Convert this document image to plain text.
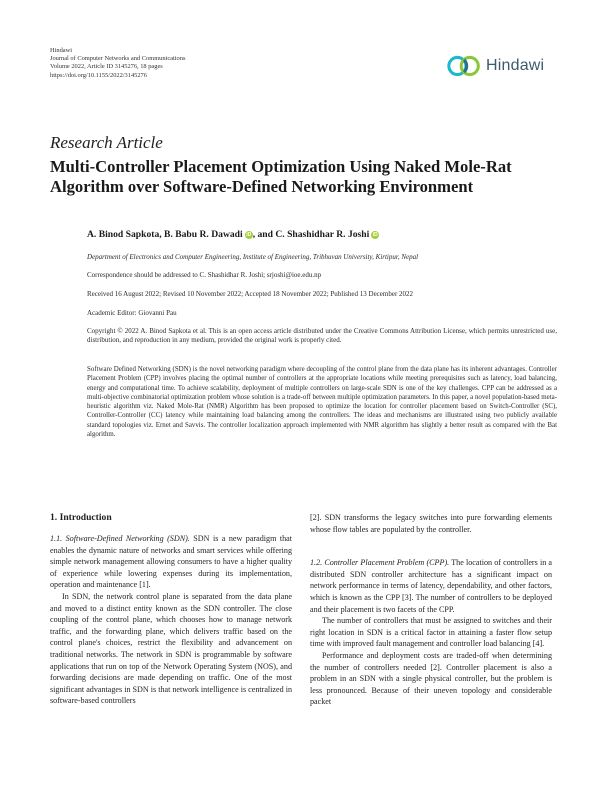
Hindawi
Journal of Computer Networks and Communications
Volume 2022, Article ID 3145276, 18 pages
https://doi.org/10.1155/2022/3145276
Hindawi
Research Article
Multi-Controller Placement Optimization Using Naked Mole-Rat Algorithm over Software-Defined Networking Environment
A. Binod Sapkota, B. Babu R. Dawadi iD , and C. Shashidhar R. Joshi iD
Department of Electronics and Computer Engineering, Institute of Engineering, Tribhuvan University, Kirtipur, Nepal
Correspondence should be addressed to C. Shashidhar R. Joshi; srjoshi@ioe.edu.np
Received 16 August 2022; Revised 10 November 2022; Accepted 18 November 2022; Published 13 December 2022
Academic Editor: Giovanni Pau
Copyright © 2022 A. Binod Sapkota et al. This is an open access article distributed under the Creative Commons Attribution License, which permits unrestricted use, distribution, and reproduction in any medium, provided the original work is properly cited.
Software Defined Networking (SDN) is the novel networking paradigm where decoupling of the control plane from the data plane has its inherent advantages. Controller Placement Problem (CPP) involves placing the optimal number of controllers at the appropriate locations while meeting prerequisites such as latency, load balancing, energy and computational time. To achieve scalability, deployment of multiple controllers on large-scale SDN is one of the key challenges. CPP can be addressed as a multi-objective combinatorial optimization problem whose solution is a trade-off between multiple optimization parameters. In this paper, a novel population-based meta-heuristic algorithm viz. Naked Mole-Rat (NMR) Algorithm has been proposed to optimize the location for controller placement based on Switch-Controller (SC), Controller-Controller (CC) latency while maintaining load balancing among the controllers. The ideas and mechanisms are illustrated using two publicly available standard topologies viz. Ernet and Savvis. The controller localization approach implemented with NMR algorithm has slightly a better result as compared with the Bat algorithm.
1. Introduction

1.1. Software-Defined Networking (SDN). SDN is a new paradigm that enables the dynamic nature of networks and smart services while offering simple network management allowing consumers to have a higher quality of experience while lowering expenses during its implementation, operation and maintenance [1].

In SDN, the network control plane is separated from the data plane and moved to a distinct entity known as the SDN controller. The close coupling of the control plane, which chooses how to manage network traffic, and the forwarding plane, which delivers traffic based on the control plane's choices, restrict the flexibility and advancement on traditional networks. The network in SDN is programmable by software applications that run on top of the Network Operating System (NOS), and forwarding decisions are made depending on traffic. One of the most significant advantages in SDN is that network intelligence is centralized in software-based controllers

[2]. SDN transforms the legacy switches into pure forwarding elements whose flow tables are populated by the controller.

1.2. Controller Placement Problem (CPP). The location of controllers in a distributed SDN controller architecture has a significant impact on network performance in terms of latency, dependability, and other factors, which is known as the CPP [3]. The number of controllers to be deployed and their placement is two facets of the CPP.

The number of controllers that must be assigned to switches and their right location in SDN is a critical factor in attaining a faster flow setup time with improved fault management and controller load balancing [4].

Performance and deployment costs are traded-off when determining the number of controllers needed [2]. Controller placement is also a problem in an SDN with a single physical controller, but the problem is less pronounced. Because of their uneven topology and considerable packet
